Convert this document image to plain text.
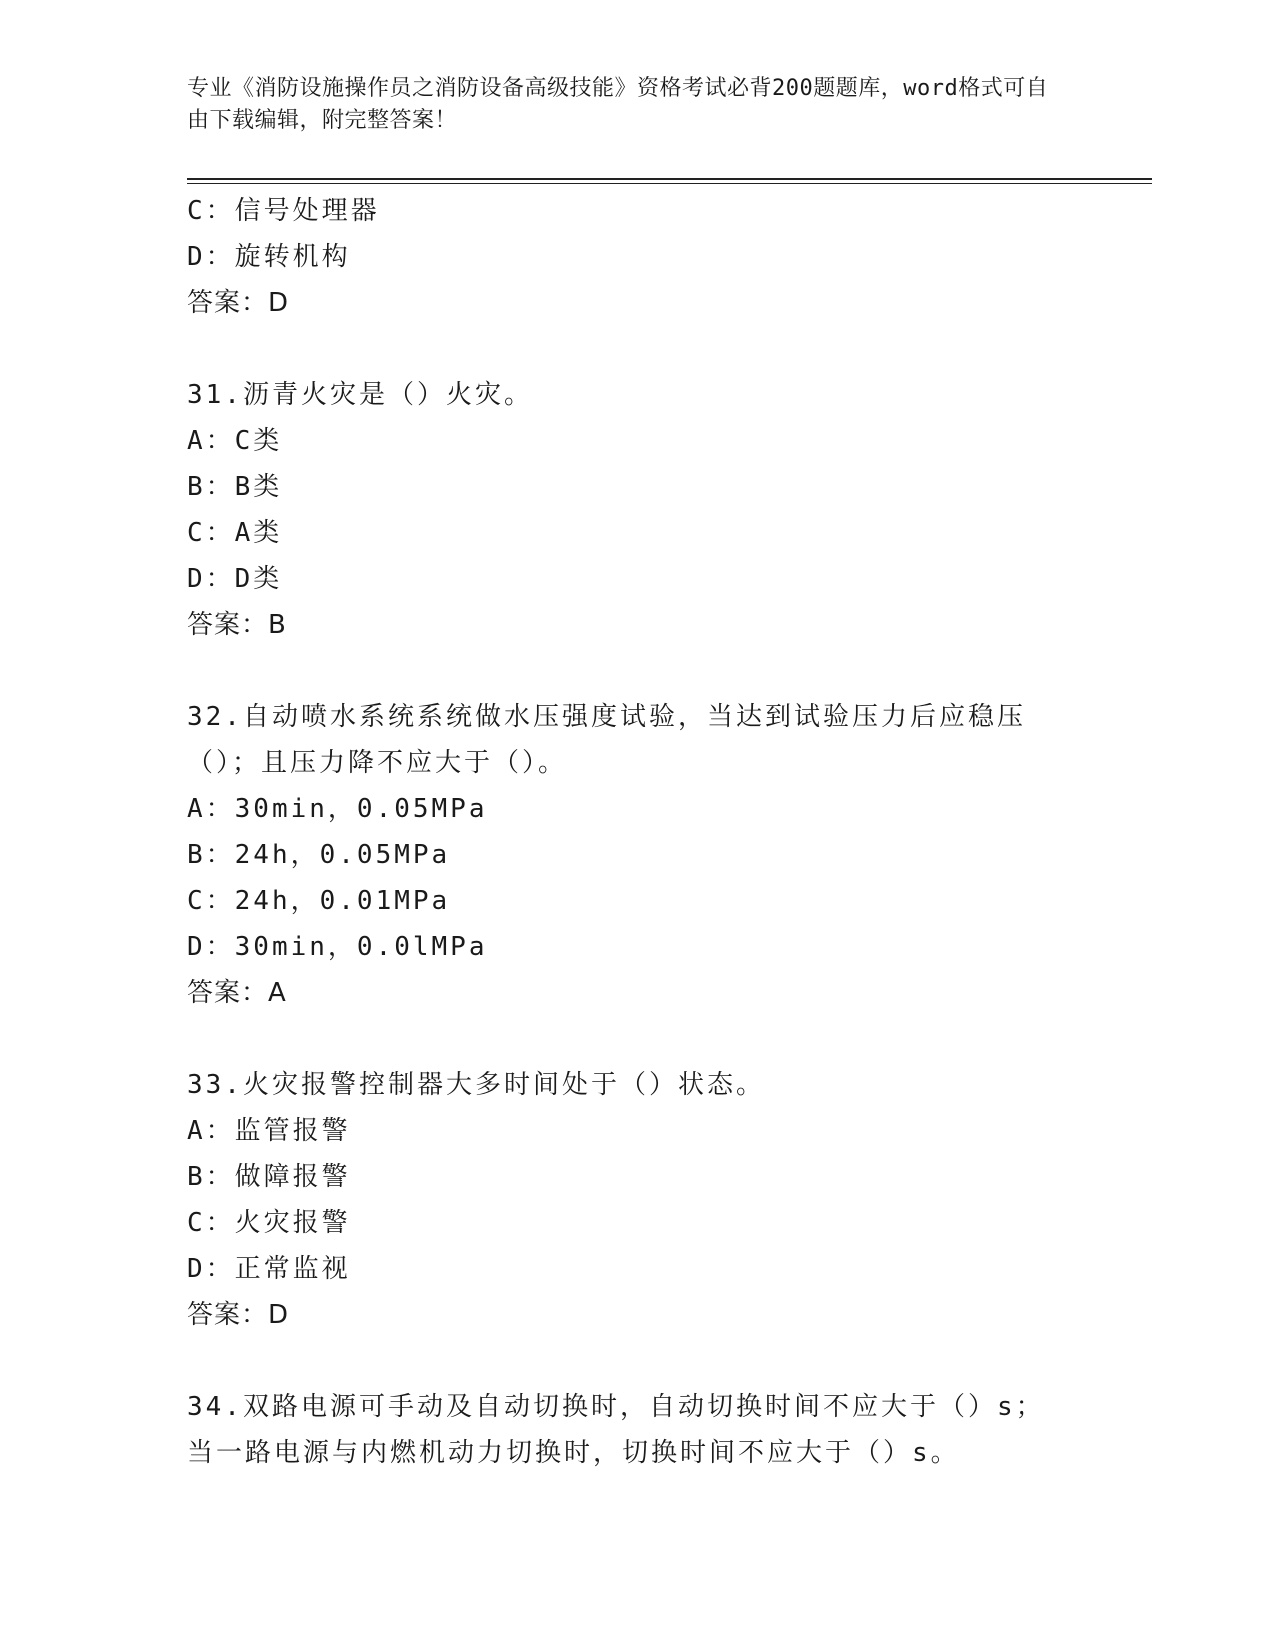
专业《消防设施操作员之消防设备高级技能》资格考试必背200题题库，word格式可自由下载编辑，附完整答案！
C：信号处理器
D：旋转机构
答案：D
31.沥青火灾是（）火灾。
A：C类
B：B类
C：A类
D：D类
答案：B
32.自动喷水系统系统做水压强度试验，当达到试验压力后应稳压（）；且压力降不应大于（）。
A：30min，0.05MPa
B：24h，0.05MPa
C：24h，0.01MPa
D：30min，0.0lMPa
答案：A
33.火灾报警控制器大多时间处于（）状态。
A：监管报警
B：做障报警
C：火灾报警
D：正常监视
答案：D
34.双路电源可手动及自动切换时，自动切换时间不应大于（）s；当一路电源与内燃机动力切换时，切换时间不应大于（）s。
